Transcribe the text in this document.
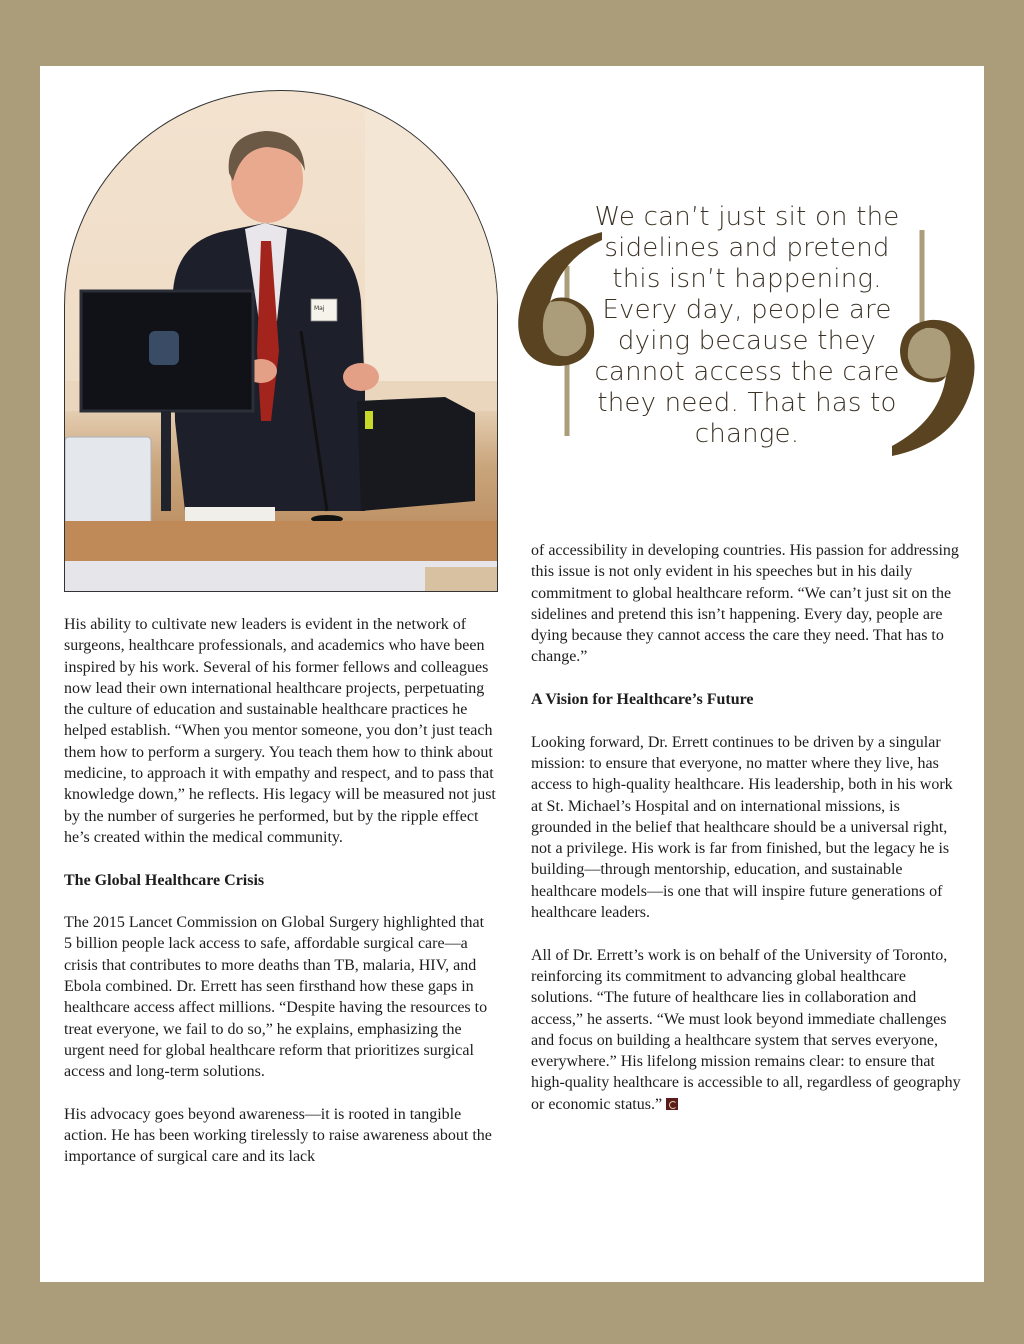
Maj
We can’t just sit on the sidelines and pretend this isn’t happening. Every day, people are dying because they cannot access the care they need. That has to change.

His ability to cultivate new leaders is evident in the network of surgeons, healthcare professionals, and academics who have been inspired by his work. Several of his former fellows and colleagues now lead their own international healthcare projects, perpetuating the culture of education and sustainable healthcare practices he helped establish. “When you mentor someone, you don’t just teach them how to perform a surgery. You teach them how to think about medicine, to approach it with empathy and respect, and to pass that knowledge down,” he reflects. His legacy will be measured not just by the number of surgeries he performed, but by the ripple effect he’s created within the medical community.

The Global Healthcare Crisis

The 2015 Lancet Commission on Global Surgery highlighted that 5 billion people lack access to safe, affordable surgical care—a crisis that contributes to more deaths than TB, malaria, HIV, and Ebola combined. Dr. Errett has seen firsthand how these gaps in healthcare access affect millions. “Despite having the resources to treat everyone, we fail to do so,” he explains, emphasizing the urgent need for global healthcare reform that prioritizes surgical access and long-term solutions.

His advocacy goes beyond awareness—it is rooted in tangible action. He has been working tirelessly to raise awareness about the importance of surgical care and its lack

of accessibility in developing countries. His passion for addressing this issue is not only evident in his speeches but in his daily commitment to global healthcare reform. “We can’t just sit on the sidelines and pretend this isn’t happening. Every day, people are dying because they cannot access the care they need. That has to change.”

A Vision for Healthcare’s Future

Looking forward, Dr. Errett continues to be driven by a singular mission: to ensure that everyone, no matter where they live, has access to high-quality healthcare. His leadership, both in his work at St. Michael’s Hospital and on international missions, is grounded in the belief that healthcare should be a universal right, not a privilege. His work is far from finished, but the legacy he is building—through mentorship, education, and sustainable healthcare models—is one that will inspire future generations of healthcare leaders.

All of Dr. Errett’s work is on behalf of the University of Toronto, reinforcing its commitment to advancing global healthcare solutions. “The future of healthcare lies in collaboration and access,” he asserts. “We must look beyond immediate challenges and focus on building a healthcare system that serves everyone, everywhere.” His lifelong mission remains clear: to ensure that high-quality healthcare is accessible to all, regardless of geography or economic status.”
